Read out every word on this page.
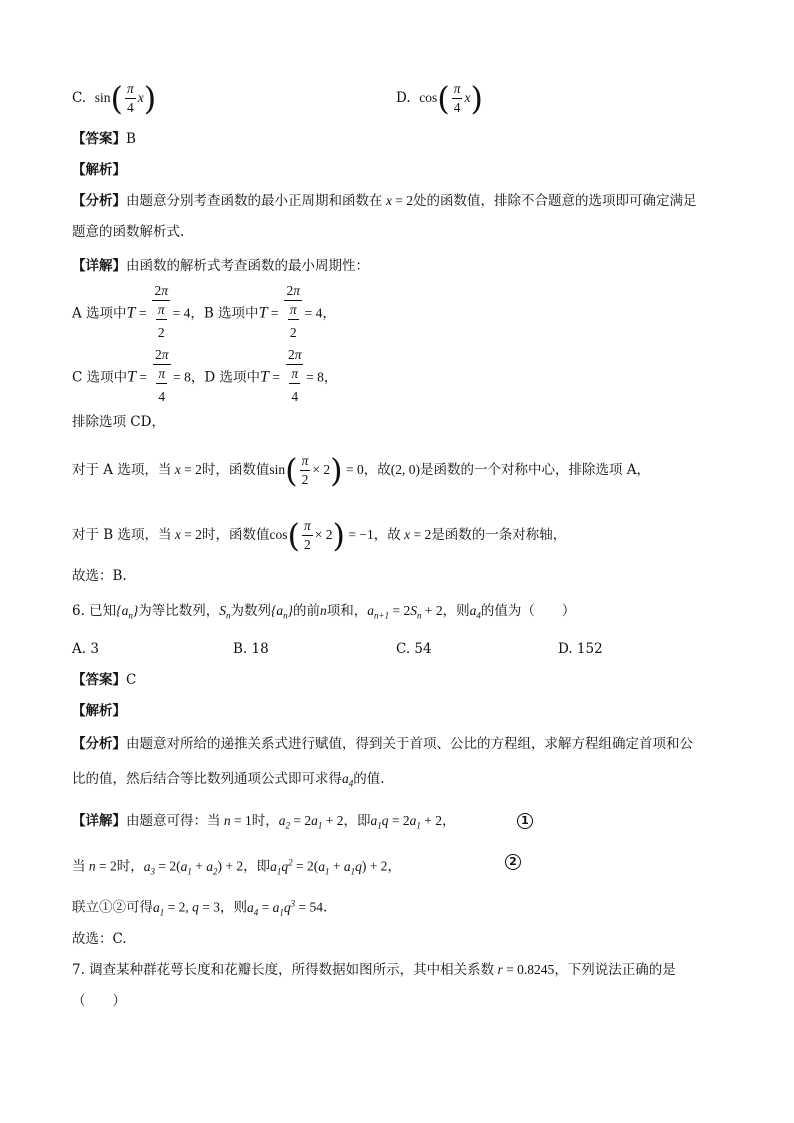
C. $\sin( \frac{\pi}{4} x)$	D. $\cos( \frac{\pi}{4} x)$
【答案】B
【解析】
【分析】由题意分别考查函数的最小正周期和函数在 x = 2处的函数值，排除不合题意的选项即可确定满足
题意的函数解析式.
【详解】由函数的解析式考查函数的最小周期性：
A 选项中$T = \frac{2\pi}{\frac{\pi}{2}} = 4$，B 选项中$T = \frac{2\pi}{\frac{\pi}{2}} = 4$，
C 选项中$T = \frac{2\pi}{\frac{\pi}{4}} = 8$，D 选项中$T = \frac{2\pi}{\frac{\pi}{4}} = 8$，
排除选项 CD，
对于 A 选项，当 x = 2时，函数值$\sin( \frac{\pi}{2} \times 2) = 0$，故(2, 0)是函数的一个对称中心，排除选项 A，
对于 B 选项，当 x = 2时，函数值$\cos( \frac{\pi}{2} \times 2) = -1$，故 x = 2是函数的一条对称轴，
故选：B.
6. 已知$\{a_n\}$为等比数列，$S_n$为数列$\{a_n\}$的前n项和，$a_{n+1} = 2S_n + 2$，则$a_4$的值为（　　）
A. 3	B. 18	C. 54	D. 152
【答案】C
【解析】
【分析】由题意对所给的递推关系式进行赋值，得到关于首项、公比的方程组，求解方程组确定首项和公
比的值，然后结合等比数列通项公式即可求得$a_4$的值.
【详解】由题意可得：当 n = 1时，$a_2 = 2a_1 + 2$，即$a_1q = 2a_1 + 2$，	1
当 n = 2时，$a_3 = 2(a_1 + a_2) + 2$，即$a_1q^2 = 2(a_1 + a_1q) + 2$，	2
联立①②可得$a_1 = 2$, q = 3，则$a_4 = a_1q^3 = 54$.
故选：C.
7. 调查某种群花萼长度和花瓣长度，所得数据如图所示，其中相关系数 r = 0.8245，下列说法正确的是
（　　）
